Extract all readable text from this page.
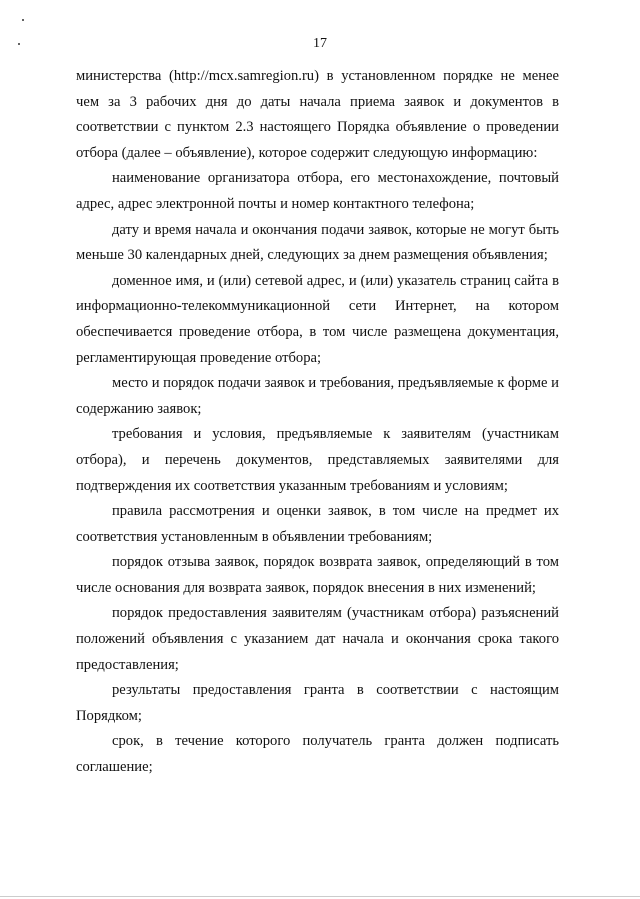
17

министерства (http://mcx.samregion.ru) в установленном порядке не менее чем за 3 рабочих дня до даты начала приема заявок и документов в соответствии с пунктом 2.3 настоящего Порядка объявление о проведении отбора (далее – объявление), которое содержит следующую информацию:

наименование организатора отбора, его местонахождение, почтовый адрес, адрес электронной почты и номер контактного телефона;

дату и время начала и окончания подачи заявок, которые не могут быть меньше 30 календарных дней, следующих за днем размещения объявления;

доменное имя, и (или) сетевой адрес, и (или) указатель страниц сайта в информационно-телекоммуникационной сети Интернет, на котором обеспечивается проведение отбора, в том числе размещена документация, регламентирующая проведение отбора;

место и порядок подачи заявок и требования, предъявляемые к форме и содержанию заявок;

требования и условия, предъявляемые к заявителям (участникам отбора), и перечень документов, представляемых заявителями для подтверждения их соответствия указанным требованиям и условиям;

правила рассмотрения и оценки заявок, в том числе на предмет их соответствия установленным в объявлении требованиям;

порядок отзыва заявок, порядок возврата заявок, определяющий в том числе основания для возврата заявок, порядок внесения в них изменений;

порядок предоставления заявителям (участникам отбора) разъяснений положений объявления с указанием дат начала и окончания срока такого предоставления;

результаты предоставления гранта в соответствии с настоящим Порядком;

срок, в течение которого получатель гранта должен подписать соглашение;
